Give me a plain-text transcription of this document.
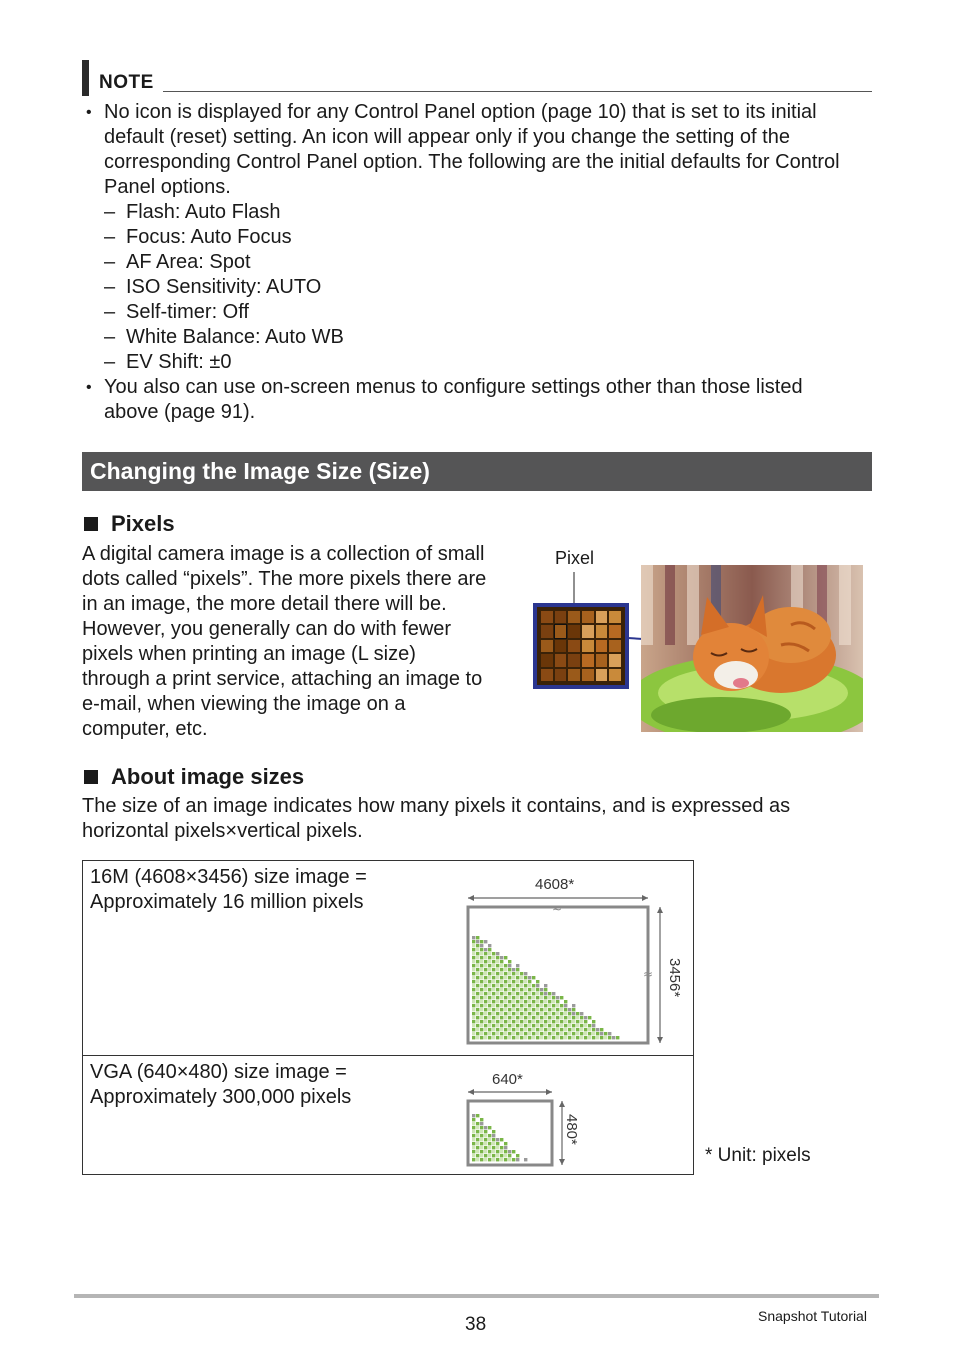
NOTE
• No icon is displayed for any Control Panel option (page 10) that is set to its initial
default (reset) setting. An icon will appear only if you change the setting of the
corresponding Control Panel option. The following are the initial defaults for Control
Panel options.
– Flash: Auto Flash
– Focus: Auto Focus
– AF Area: Spot
– ISO Sensitivity: AUTO
– Self-timer: Off
– White Balance: Auto WB
– EV Shift: ±0
• You also can use on-screen menus to configure settings other than those listed
above (page 91).
Changing the Image Size (Size)
Pixels
A digital camera image is a collection of small
dots called “pixels”. The more pixels there are
in an image, the more detail there will be.
However, you generally can do with fewer
pixels when printing an image (L size)
through a print service, attaching an image to
e-mail, when viewing the image on a
computer, etc.
Pixel
About image sizes
The size of an image indicates how many pixels it contains, and is expressed as
horizontal pixels×vertical pixels.
16M (4608×3456) size image =
Approximately 16 million pixels
VGA (640×480) size image =
Approximately 300,000 pixels
4608*
≈
≈ 3456*
640*
480*
* Unit: pixels
38	Snapshot Tutorial
